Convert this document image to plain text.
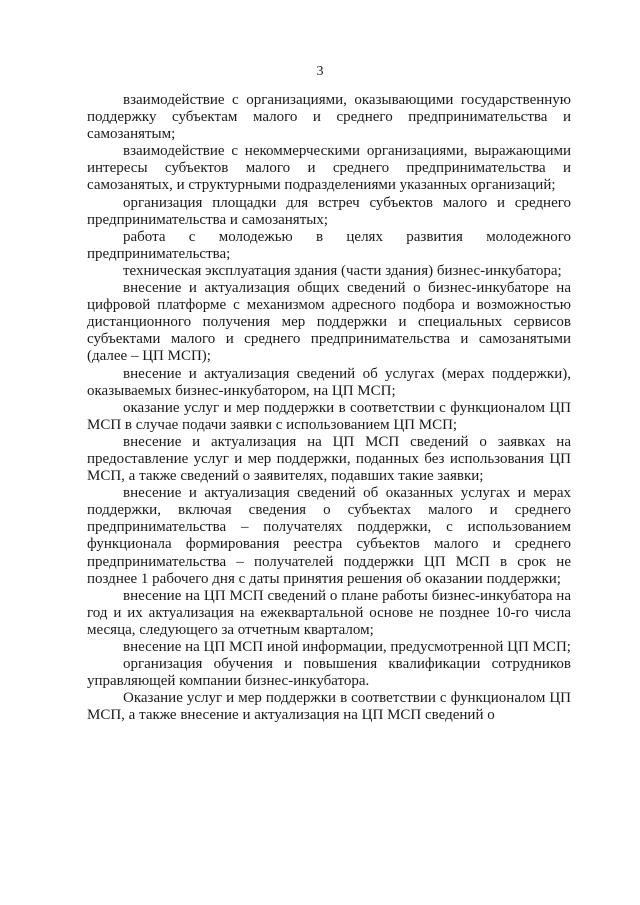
3

взаимодействие с организациями, оказывающими государственную поддержку субъектам малого и среднего предпринимательства и самозанятым;

взаимодействие с некоммерческими организациями, выражающими интересы субъектов малого и среднего предпринимательства и самозанятых, и структурными подразделениями указанных организаций;

организация площадки для встреч субъектов малого и среднего предпринимательства и самозанятых;

работа с молодежью в целях развития молодежного предпринимательства;

техническая эксплуатация здания (части здания) бизнес-инкубатора;

внесение и актуализация общих сведений о бизнес-инкубаторе на цифровой платформе с механизмом адресного подбора и возможностью дистанционного получения мер поддержки и специальных сервисов субъектами малого и среднего предпринимательства и самозанятыми (далее – ЦП МСП);

внесение и актуализация сведений об услугах (мерах поддержки), оказываемых бизнес-инкубатором, на ЦП МСП;

оказание услуг и мер поддержки в соответствии с функционалом ЦП МСП в случае подачи заявки с использованием ЦП МСП;

внесение и актуализация на ЦП МСП сведений о заявках на предоставление услуг и мер поддержки, поданных без использования ЦП МСП, а также сведений о заявителях, подавших такие заявки;

внесение и актуализация сведений об оказанных услугах и мерах поддержки, включая сведения о субъектах малого и среднего предпринимательства – получателях поддержки, с использованием функционала формирования реестра субъектов малого и среднего предпринимательства – получателей поддержки ЦП МСП в срок не позднее 1 рабочего дня с даты принятия решения об оказании поддержки;

внесение на ЦП МСП сведений о плане работы бизнес-инкубатора на год и их актуализация на ежеквартальной основе не позднее 10-го числа месяца, следующего за отчетным кварталом;

внесение на ЦП МСП иной информации, предусмотренной ЦП МСП;

организация обучения и повышения квалификации сотрудников управляющей компании бизнес-инкубатора.

Оказание услуг и мер поддержки в соответствии с функционалом ЦП МСП, а также внесение и актуализация на ЦП МСП сведений о
